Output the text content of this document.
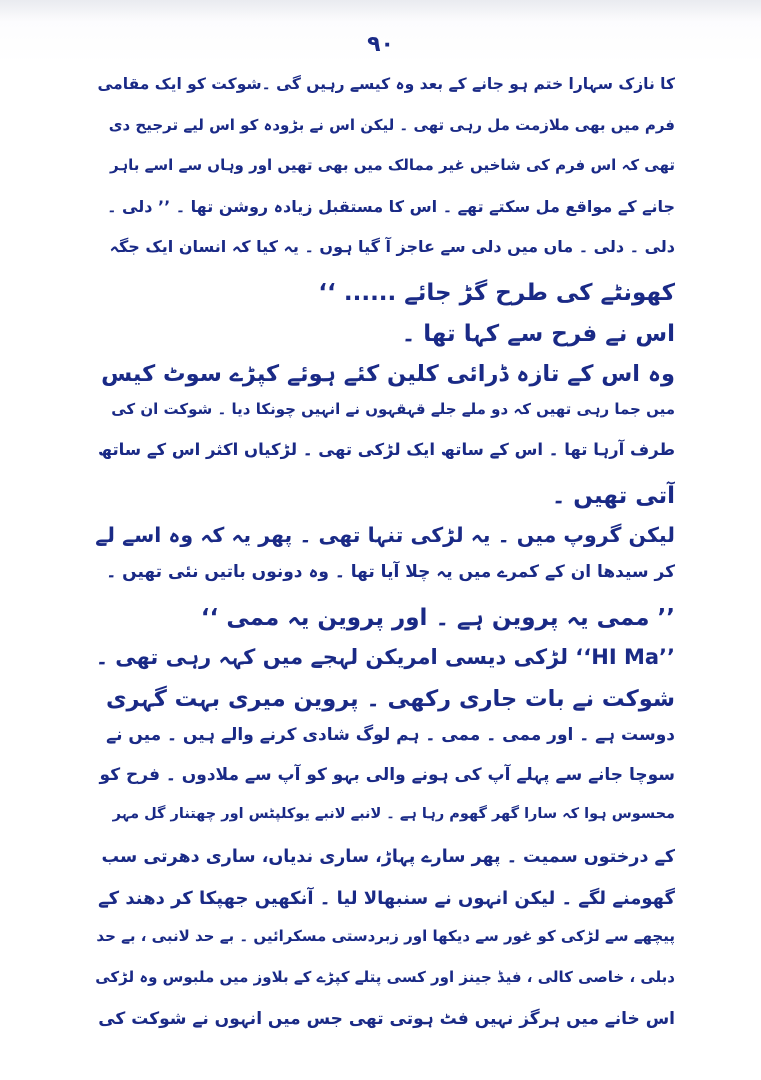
۹۰
کا نازک سہارا ختم ہو جانے کے بعد وہ کیسے رہیں گی ۔شوکت کو ایک مقامی
فرم میں بھی ملازمت مل رہی تھی ۔ لیکن اس نے بڑودہ کو اس لیے ترجیح دی
تھی کہ اس فرم کی شاخیں غیر ممالک میں بھی تھیں اور وہاں سے اسے باہر
جانے کے مواقع مل سکتے تھے ۔ اس کا مستقبل زیادہ روشن تھا ۔ ’’ دلی ۔
دلی ۔ دلی ۔ ماں میں دلی سے عاجز آ گیا ہوں ۔ یہ کیا کہ انسان ایک جگہ
کھونٹے کی طرح گڑ جائے ...... ‘‘
اس نے فرح سے کہا تھا ۔
وہ اس کے تازہ ڈرائی کلین کئے ہوئے کپڑے سوٹ کیس
میں جما رہی تھیں کہ دو ملے جلے قہقہوں نے انہیں چونکا دیا ۔ شوکت ان کی
طرف آرہا تھا ۔ اس کے ساتھ ایک لڑکی تھی ۔ لڑکیاں اکثر اس کے ساتھ
آتی تھیں ۔
لیکن گروپ میں ۔ یہ لڑکی تنہا تھی ۔ پھر یہ کہ وہ اسے لے
کر سیدھا ان کے کمرے میں یہ چلا آیا تھا ۔ وہ دونوں باتیں نئی تھیں ۔
’’ ممی یہ پروین ہے ۔ اور پروین یہ ممی ‘‘
’’HI Ma‘‘ لڑکی دیسی امریکن لہجے میں کہہ رہی تھی ۔
شوکت نے بات جاری رکھی ۔ پروین میری بہت گہری
دوست ہے ۔ اور ممی ۔ ممی ۔ ہم لوگ شادی کرنے والے ہیں ۔ میں نے
سوچا جانے سے پہلے آپ کی ہونے والی بہو کو آپ سے ملادوں ۔ فرح کو
محسوس ہوا کہ سارا گھر گھوم رہا ہے ۔ لانبے لانبے یوکلپٹس اور چھتنار گل مہر
کے درختوں سمیت ۔ پھر سارے پہاڑ، ساری ندیاں، ساری دھرتی سب
گھومنے لگے ۔ لیکن انہوں نے سنبھالا لیا ۔ آنکھیں جھپکا کر دھند کے
پیچھے سے لڑکی کو غور سے دیکھا اور زبردستی مسکرائیں ۔ بے حد لانبی ، بے حد
دبلی ، خاصی کالی ، فیڈ جینز اور کسی پتلے کپڑے کے بلاوز میں ملبوس وہ لڑکی
اس خانے میں ہرگز نہیں فٹ ہوتی تھی جس میں انہوں نے شوکت کی
